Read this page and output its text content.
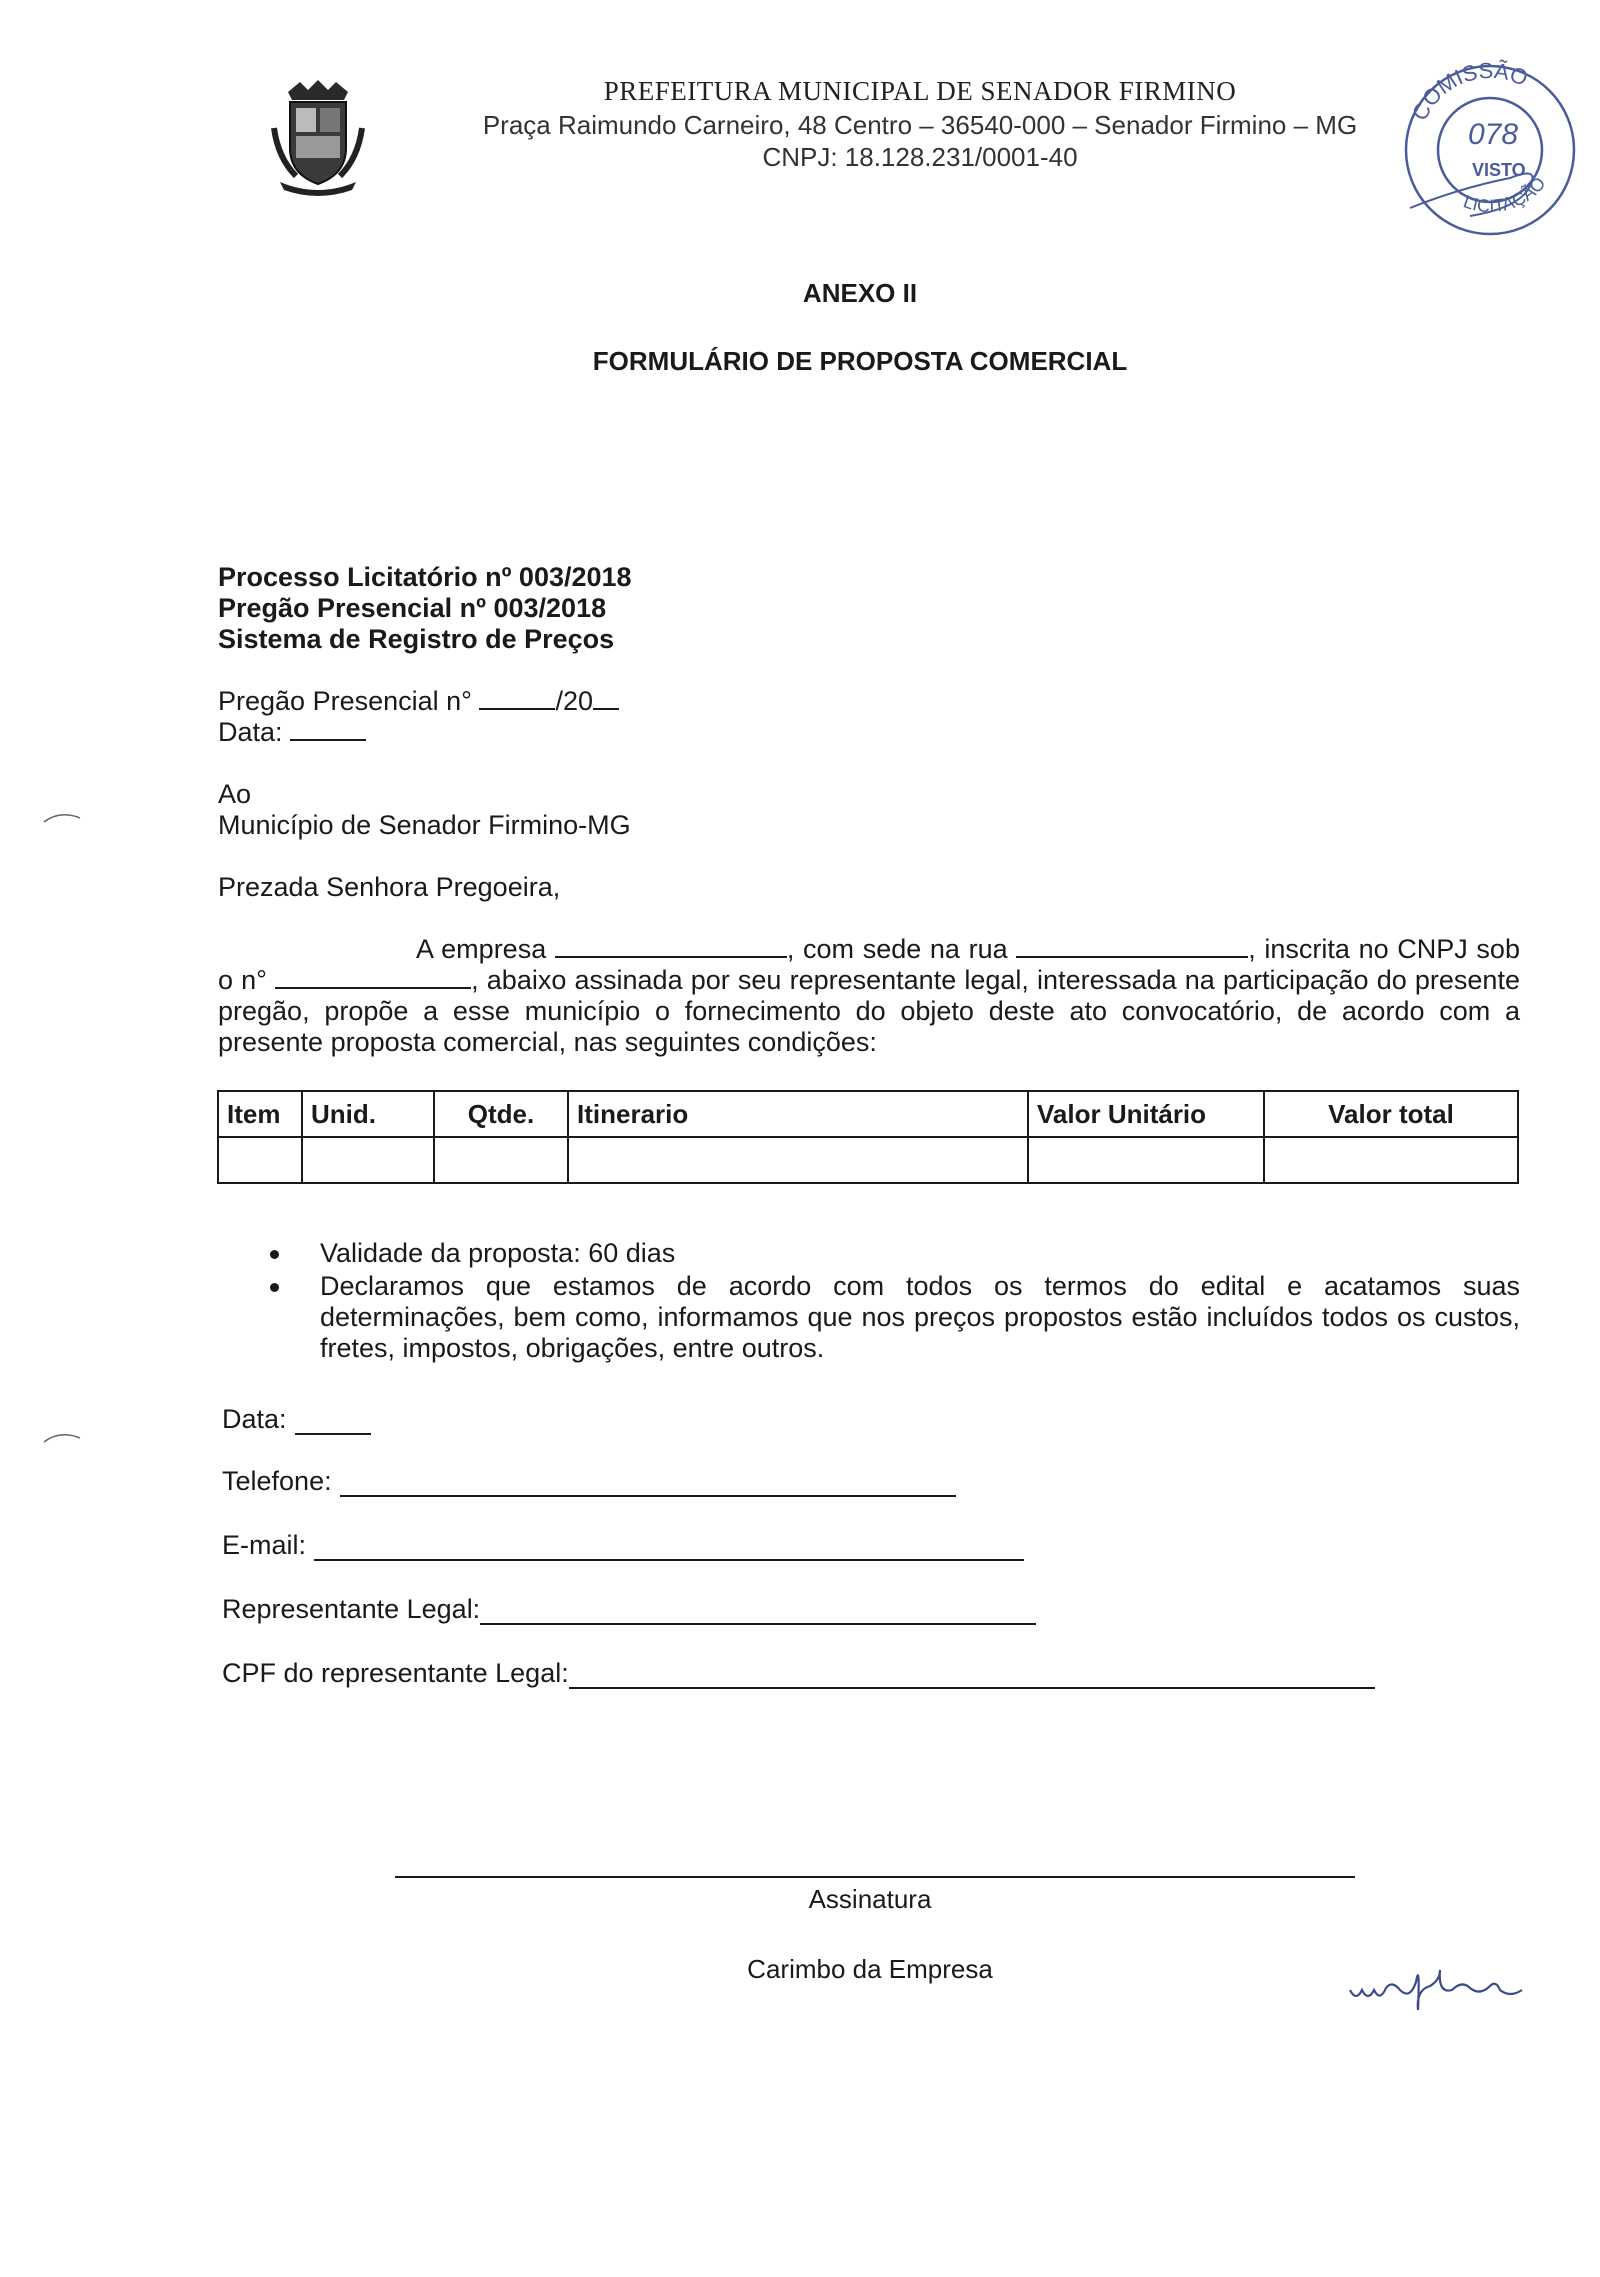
PREFEITURA MUNICIPAL DE SENADOR FIRMINO
Praça Raimundo Carneiro, 48 Centro – 36540-000 – Senador Firmino – MG
CNPJ: 18.128.231/0001-40
COMISSÃO
078
VISTO
LICITAÇÃO
ANEXO II
FORMULÁRIO DE PROPOSTA COMERCIAL
Processo Licitatório nº 003/2018
Pregão Presencial nº 003/2018
Sistema de Registro de Preços
Pregão Presencial n°	/20
Data:
Ao
Município de Senador Firmino-MG
Prezada Senhora Pregoeira,
A empresa	, com sede na rua	, inscrita no CNPJ sob o n°	, abaixo assinada por seu representante legal, interessada na participação do presente pregão, propõe a esse município o fornecimento do objeto deste ato convocatório, de acordo com a presente proposta comercial, nas seguintes condições:
Item	Unid.	Qtde.	Itinerario	Valor Unitário	Valor total

Validade da proposta: 60 dias
Declaramos que estamos de acordo com todos os termos do edital e acatamos suas determinações, bem como, informamos que nos preços propostos estão incluídos todos os custos, fretes, impostos, obrigações, entre outros.
Data:
Telefone:
E-mail:
Representante Legal:
CPF do representante Legal:
Assinatura
Carimbo da Empresa
